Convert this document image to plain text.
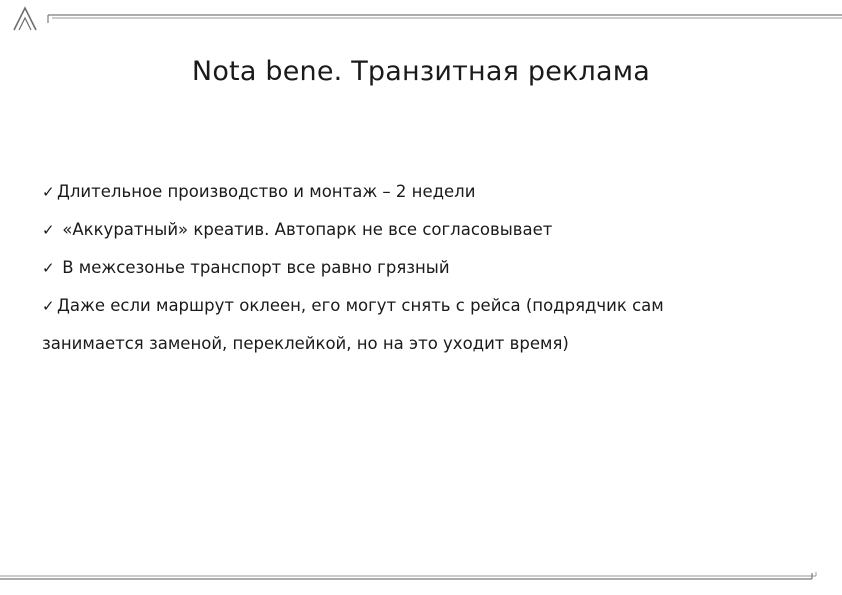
Nota bene. Транзитная реклама
✓ Длительное производство и монтаж – 2 недели
✓ «Аккуратный» креатив. Автопарк не все согласовывает
✓ В межсезонье транспорт все равно грязный
✓ Даже если маршрут оклеен, его могут снять с рейса (подрядчик сам занимается заменой, переклейкой, но на это уходит время)
